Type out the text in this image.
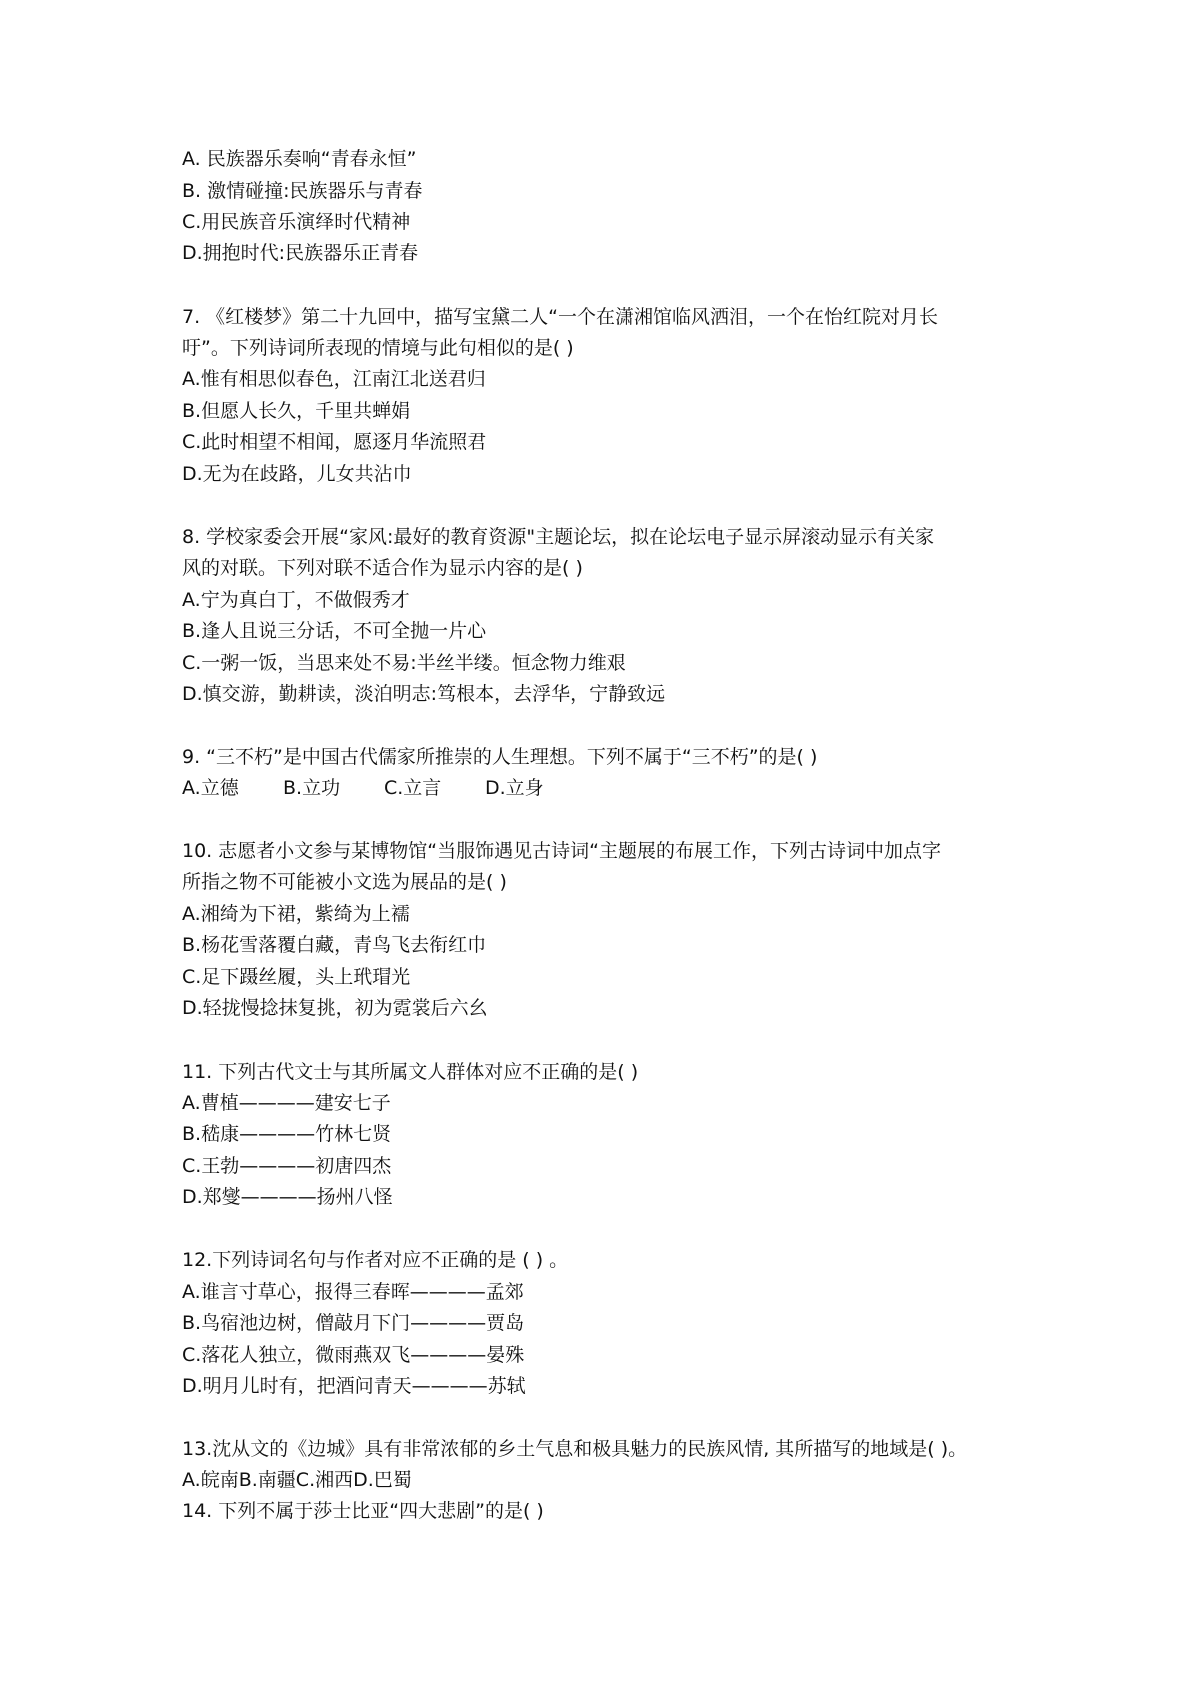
A. 民族器乐奏响“青春永恒”

B. 激情碰撞:民族器乐与青春

C.用民族音乐演绎时代精神

D.拥抱时代:民族器乐正青春

7. 《红楼梦》第二十九回中，描写宝黛二人“一个在潇湘馆临风洒泪，一个在怡红院对月长

吁”。下列诗词所表现的情境与此句相似的是( )

A.惟有相思似春色，江南江北送君归

B.但愿人长久，千里共蝉娟

C.此时相望不相闻，愿逐月华流照君

D.无为在歧路，儿女共沾巾

8. 学校家委会开展“家风:最好的教育资源"主题论坛，拟在论坛电子显示屏滚动显示有关家

风的对联。下列对联不适合作为显示内容的是( )

A.宁为真白丁，不做假秀才

B.逢人且说三分话，不可全抛一片心

C.一粥一饭，当思来处不易:半丝半缕。恒念物力维艰

D.慎交游，勤耕读，淡泊明志:笃根本，去浮华，宁静致远

9. “三不朽”是中国古代儒家所推崇的人生理想。下列不属于“三不朽”的是( )

A.立德 B.立功 C.立言 D.立身

10. 志愿者小文参与某博物馆“当服饰遇见古诗词“主题展的布展工作，下列古诗词中加点字

所指之物不可能被小文选为展品的是( )

A.湘绮为下裙，紫绮为上襦

B.杨花雪落覆白藏，青鸟飞去衔红巾

C.足下蹑丝履，头上玳瑁光

D.轻拢慢捻抹复挑，初为霓裳后六幺

11. 下列古代文士与其所属文人群体对应不正确的是( )

A.曹植————建安七子

B.嵇康————竹林七贤

C.王勃————初唐四杰

D.郑燮————扬州八怪

12.下列诗词名句与作者对应不正确的是 ( ) 。

A.谁言寸草心，报得三春晖————孟郊

B.鸟宿池边树，僧敲月下门————贾岛

C.落花人独立，微雨燕双飞————晏殊

D.明月儿时有，把酒问青天————苏轼

13.沈从文的《边城》具有非常浓郁的乡土气息和极具魅力的民族风情, 其所描写的地域是( )。

A.皖南B.南疆C.湘西D.巴蜀

14. 下列不属于莎士比亚“四大悲剧”的是( )
